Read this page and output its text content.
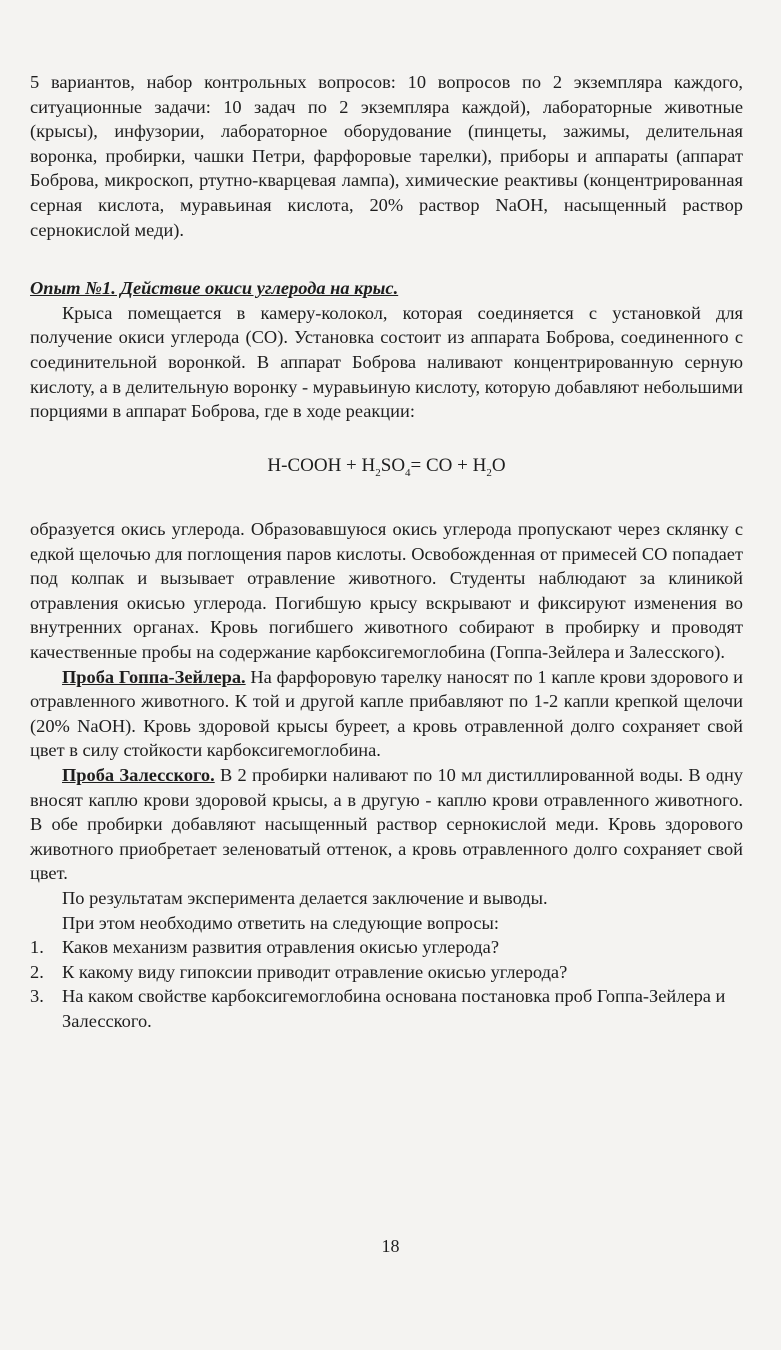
5 вариантов, набор контрольных вопросов: 10 вопросов по 2 экземпляра каждого, ситуационные задачи: 10 задач по 2 экземпляра каждой), лабораторные животные (крысы), инфузории, лабораторное оборудование (пинцеты, зажимы, делительная воронка, пробирки, чашки Петри, фарфоровые тарелки), приборы и аппараты (аппарат Боброва, микроскоп, ртутно-кварцевая лампа), химические реактивы (концентрированная серная кислота, муравьиная кислота, 20% раствор NaOH, насыщенный раствор сернокислой меди).

Опыт №1. Действие окиси углерода на крыс.

Крыса помещается в камеру-колокол, которая соединяется с установкой для получение окиси углерода (СО). Установка состоит из аппарата Боброва, соединенного с соединительной воронкой. В аппарат Боброва наливают концентрированную серную кислоту, а в делительную воронку - муравьиную кислоту, которую добавляют небольшими порциями в аппарат Боброва, где в ходе реакции:

H-COOH + $H_2SO_4=$ CO + $H_2O$

образуется окись углерода. Образовавшуюся окись углерода пропускают через склянку с едкой щелочью для поглощения паров кислоты. Освобожденная от примесей СО попадает под колпак и вызывает отравление животного. Студенты наблюдают за клиникой отравления окисью углерода. Погибшую крысу вскрывают и фиксируют изменения во внутренних органах. Кровь погибшего животного собирают в пробирку и проводят качественные пробы на содержание карбоксигемоглобина (Гоппа-Зейлера и Залесского).

Проба Гоппа-Зейлера. На фарфоровую тарелку наносят по 1 капле крови здорового и отравленного животного. К той и другой капле прибавляют по 1-2 капли крепкой щелочи (20% NaOH). Кровь здоровой крысы буреет, а кровь отравленной долго сохраняет свой цвет в силу стойкости карбоксигемоглобина.

Проба Залесского. В 2 пробирки наливают по 10 мл дистиллированной воды. В одну вносят каплю крови здоровой крысы, а в другую - каплю крови отравленного животного. В обе пробирки добавляют насыщенный раствор сернокислой меди. Кровь здорового животного приобретает зеленоватый оттенок, а кровь отравленного долго сохраняет свой цвет.

По результатам эксперимента делается заключение и выводы.

При этом необходимо ответить на следующие вопросы:

1. Каков механизм развития отравления окисью углерода?
2. К какому виду гипоксии приводит отравление окисью углерода?
3. На каком свойстве карбоксигемоглобина основана постановка проб Гоппа-Зейлера и Залесского.
18
